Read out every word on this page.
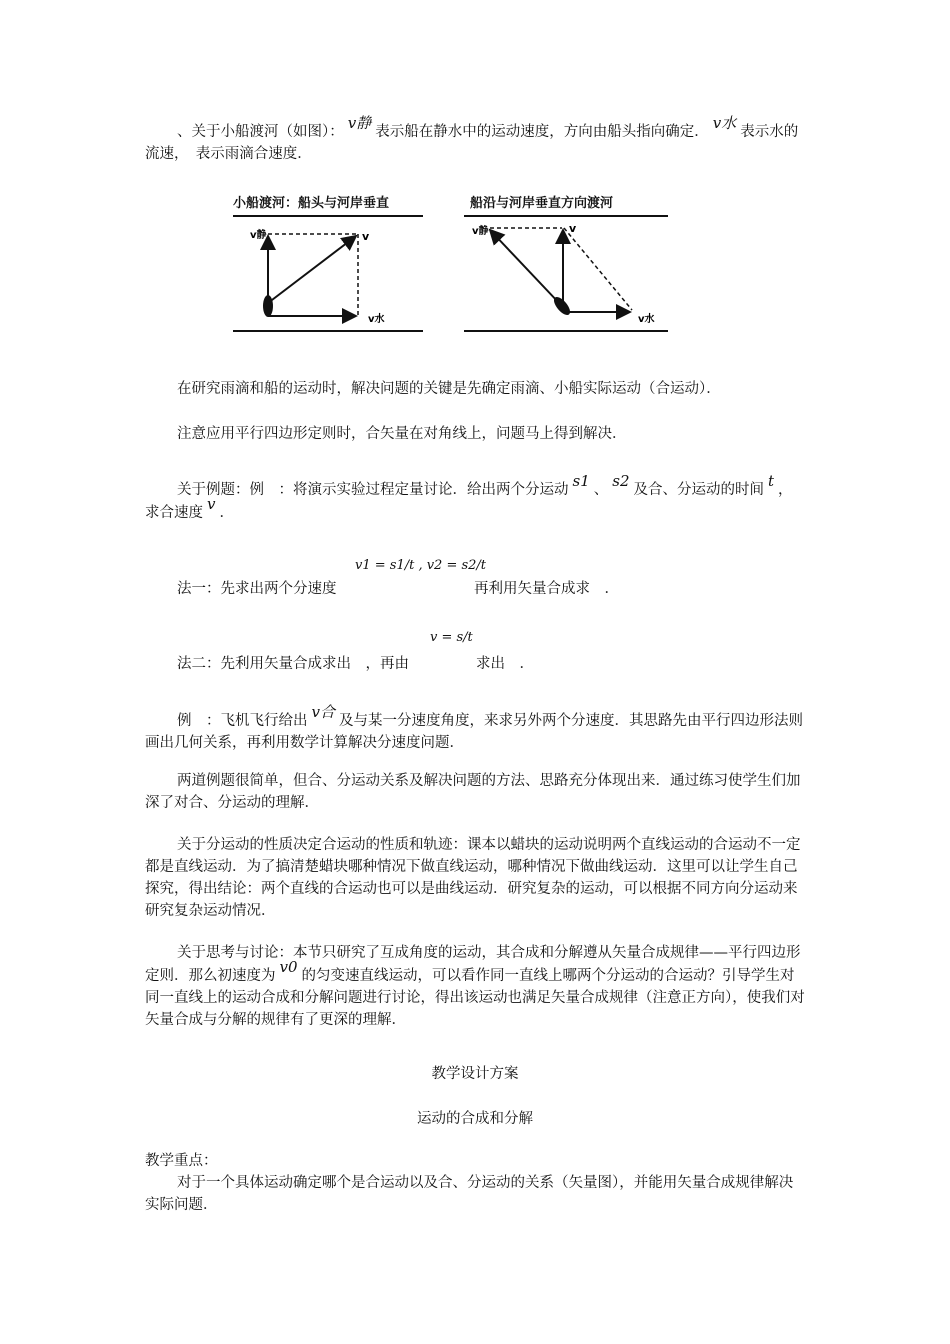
、关于小船渡河（如图）： v静 表示船在静水中的运动速度，方向由船头指向确定． v水 表示水的流速，　表示雨滴合速度．
小船渡河：船头与河岸垂直
v静	v
v水
船沿与河岸垂直方向渡河
v静	v
v水
在研究雨滴和船的运动时，解决问题的关键是先确定雨滴、小船实际运动（合运动）．
注意应用平行四边形定则时，合矢量在对角线上，问题马上得到解决．
关于例题：例　：将演示实验过程定量讨论．给出两个分运动 s1 、 s2 及合、分运动的时间 t ，求合速度 v ．
法一：先求出两个分速度
v1 = s1/t , v2 = s2/t
再利用矢量合成求　．
法二：先利用矢量合成求出　，再由
v = s/t
求出　．
例　：飞机飞行给出 v合 及与某一分速度角度，来求另外两个分速度．其思路先由平行四边形法则画出几何关系，再利用数学计算解决分速度问题．
两道例题很简单，但合、分运动关系及解决问题的方法、思路充分体现出来．通过练习使学生们加深了对合、分运动的理解．
关于分运动的性质决定合运动的性质和轨迹：课本以蜡块的运动说明两个直线运动的合运动不一定都是直线运动．为了搞清楚蜡块哪种情况下做直线运动，哪种情况下做曲线运动．这里可以让学生自己探究，得出结论：两个直线的合运动也可以是曲线运动．研究复杂的运动，可以根据不同方向分运动来研究复杂运动情况．
关于思考与讨论：本节只研究了互成角度的运动，其合成和分解遵从矢量合成规律——平行四边形定则．那么初速度为 v0 的匀变速直线运动，可以看作同一直线上哪两个分运动的合运动？引导学生对同一直线上的运动合成和分解问题进行讨论，得出该运动也满足矢量合成规律（注意正方向），使我们对矢量合成与分解的规律有了更深的理解．
教学设计方案
运动的合成和分解
教学重点：
对于一个具体运动确定哪个是合运动以及合、分运动的关系（矢量图），并能用矢量合成规律解决实际问题．
